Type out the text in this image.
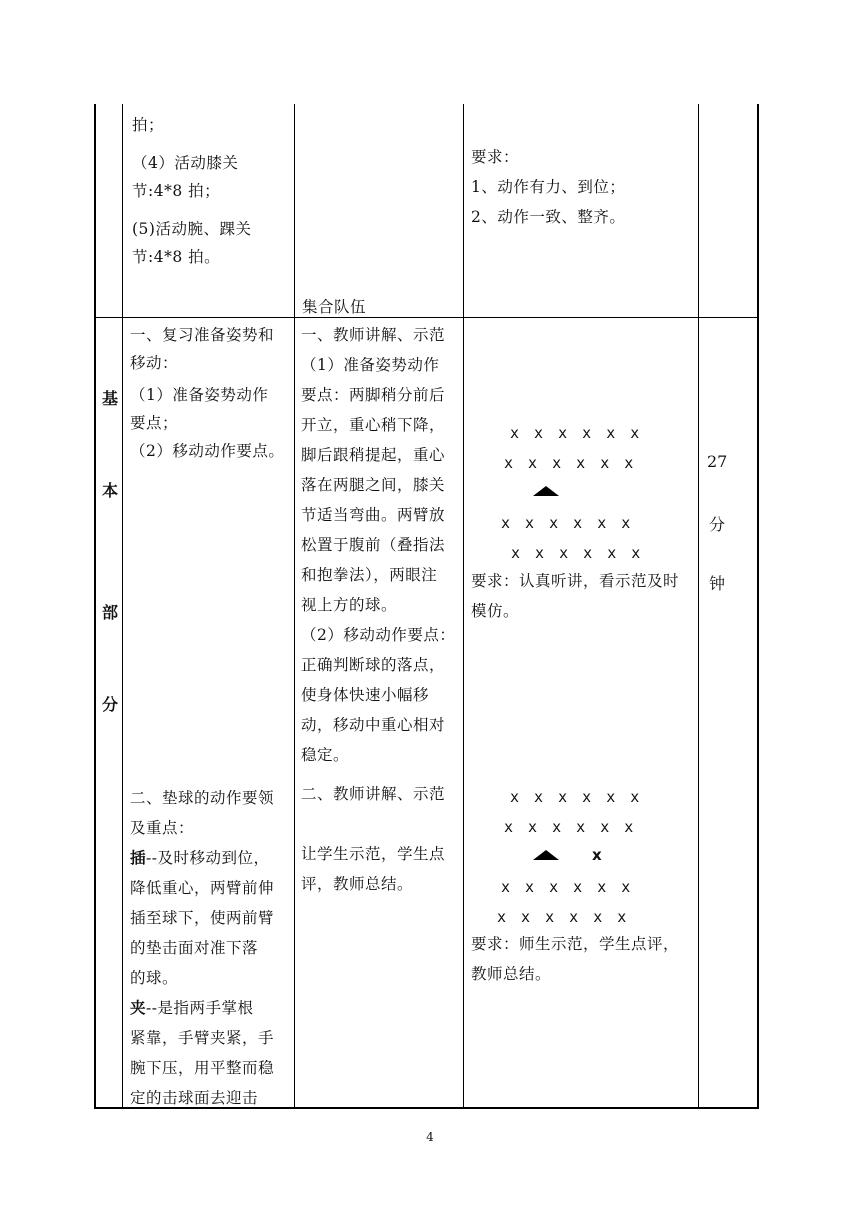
拍；
（4）活动膝关
节:4*8 拍；
(5)活动腕、踝关
节:4*8 拍。
集合队伍
要求：
1、动作有力、到位；
2、动作一致、整齐。
基
本
部
分
一、复习准备姿势和
移动：
（1）准备姿势动作
要点；
（2）移动动作要点。
二、垫球的动作要领
及重点：
插--及时移动到位，
降低重心，两臂前伸
插至球下，使两前臂
的垫击面对准下落
的球。
夹--是指两手掌根
紧靠，手臂夹紧，手
腕下压，用平整而稳
定的击球面去迎击
一、教师讲解、示范
（1）准备姿势动作
要点：两脚稍分前后
开立，重心稍下降，
脚后跟稍提起，重心
落在两腿之间，膝关
节适当弯曲。两臂放
松置于腹前（叠指法
和抱拳法），两眼注
视上方的球。
（2）移动动作要点：
正确判断球的落点，
使身体快速小幅移
动，移动中重心相对
稳定。
二、教师讲解、示范
让学生示范，学生点
评，教师总结。
x x x x x x
x x x x x x
x x x x x x
x x x x x x
要求：认真听讲，看示范及时
模仿。
x x x x x x
x x x x x x
x
x x x x x x
x x x x x x
要求：师生示范，学生点评，
教师总结。
27
分
钟
4
